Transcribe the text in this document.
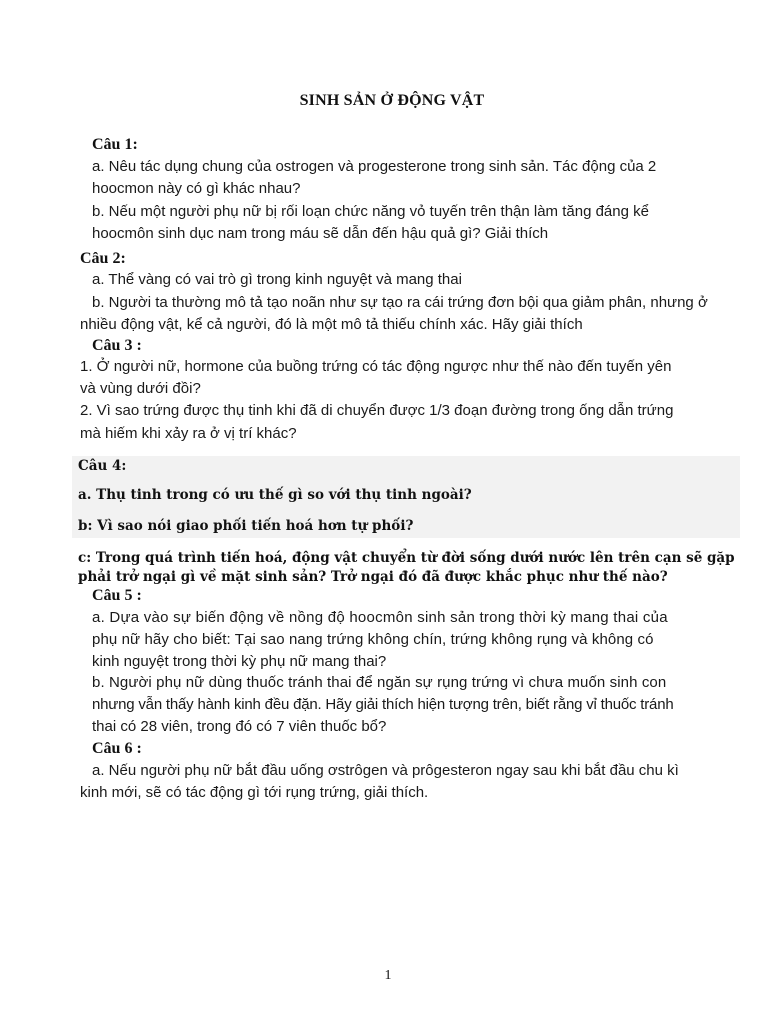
SINH SẢN Ở ĐỘNG VẬT
Câu 1:
a. Nêu tác dụng chung của ostrogen và progesterone trong sinh sản. Tác động của 2
hoocmon này có gì khác nhau?
b. Nếu một người phụ nữ bị rối loạn chức năng vỏ tuyến trên thận làm tăng đáng kể
hoocmôn sinh dục nam trong máu sẽ dẫn đến hậu quả gì? Giải thích
Câu 2:
a. Thể vàng có vai trò gì trong kinh nguyệt và mang thai
b. Người ta thường mô tả tạo noãn như sự tạo ra cái trứng đơn bội qua giảm phân, nhưng ở
nhiều động vật, kể cả người, đó là một mô tả thiếu chính xác. Hãy giải thích
Câu 3 :
1. Ở người nữ, hormone của buồng trứng có tác động ngược như thế nào đến tuyến yên
và vùng dưới đồi?
2. Vì sao trứng được thụ tinh khi đã di chuyển được 1/3 đoạn đường trong ống dẫn trứng
mà hiếm khi xảy ra ở vị trí khác?
Câu 4:
a. Thụ tinh trong có ưu thế gì so với thụ tinh ngoài?
b: Vì sao nói giao phối tiến hoá hơn tự phối?
c: Trong quá trình tiến hoá, động vật chuyển từ đời sống dưới nước lên trên cạn sẽ gặp
phải trở ngại gì về mặt sinh sản? Trở ngại đó đã được khắc phục như thế nào?
Câu 5 :
a. Dựa vào sự biến động về nồng độ hoocmôn sinh sản trong thời kỳ mang thai của
phụ nữ hãy cho biết: Tại sao nang trứng không chín, trứng không rụng và không có
kinh nguyệt trong thời kỳ phụ nữ mang thai?
b. Người phụ nữ dùng thuốc tránh thai để ngăn sự rụng trứng vì chưa muốn sinh con
nhưng vẫn thấy hành kinh đều đặn. Hãy giải thích hiện tượng trên, biết rằng vỉ thuốc tránh
thai có 28 viên, trong đó có 7 viên thuốc bổ?
Câu 6 :
a. Nếu người phụ nữ bắt đầu uống ơstrôgen và prôgesteron ngay sau khi bắt đầu chu kì
kinh mới, sẽ có tác động gì tới rụng trứng, giải thích.
1
